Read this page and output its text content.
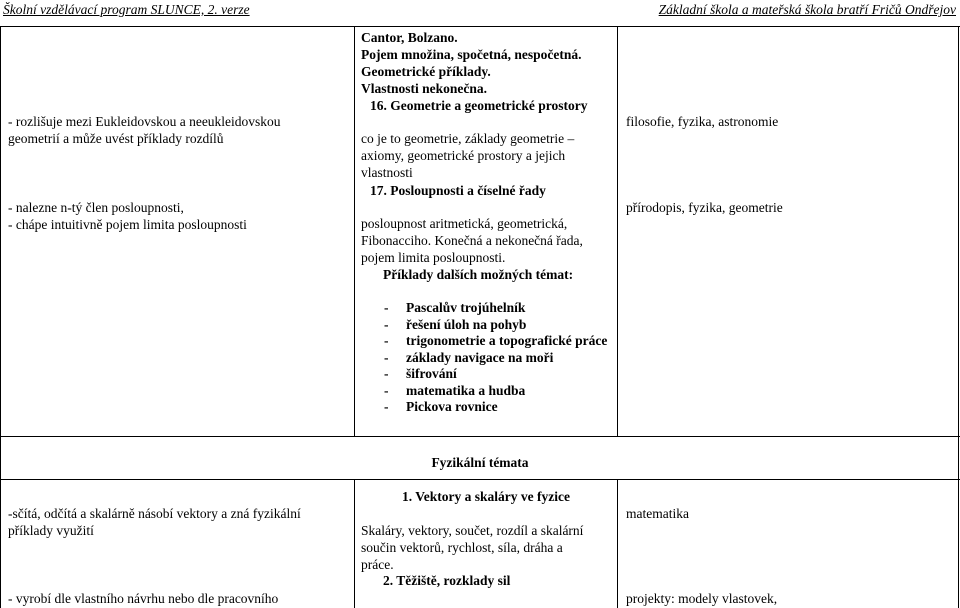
Školní vzdělávací program SLUNCE, 2. verze	Základní škola a mateřská škola bratří Fričů Ondřejov
- rozlišuje mezi Eukleidovskou a neeukleidovskou
geometrií a může uvést příklady rozdílů
- nalezne n-tý člen posloupnosti,
- chápe intuitivně pojem limita posloupnosti
Cantor, Bolzano.
Pojem množina, spočetná, nespočetná.
Geometrické příklady.
Vlastnosti nekonečna.
16. Geometrie a geometrické prostory
co je to geometrie, základy geometrie –
axiomy, geometrické prostory a jejich
vlastnosti
17. Posloupnosti a číselné řady
posloupnost aritmetická, geometrická,
Fibonacciho. Konečná a nekonečná řada,
pojem limita posloupnosti.
Příklady dalších možných témat:
- Pascalův trojúhelník
- řešení úloh na pohyb
- trigonometrie a topografické práce
- základy navigace na moři
- šifrování
- matematika a hudba
- Pickova rovnice
filosofie, fyzika, astronomie
přírodopis, fyzika, geometrie
Fyzikální témata
-sčítá, odčítá a skalárně násobí vektory a zná fyzikální
příklady využití
- vyrobí dle vlastního návrhu nebo dle pracovního
1. Vektory a skaláry ve fyzice
Skaláry, vektory, součet, rozdíl a skalární
součin vektorů, rychlost, síla, dráha a
práce.
2. Těžiště, rozklady sil
matematika
projekty: modely vlastovek,
